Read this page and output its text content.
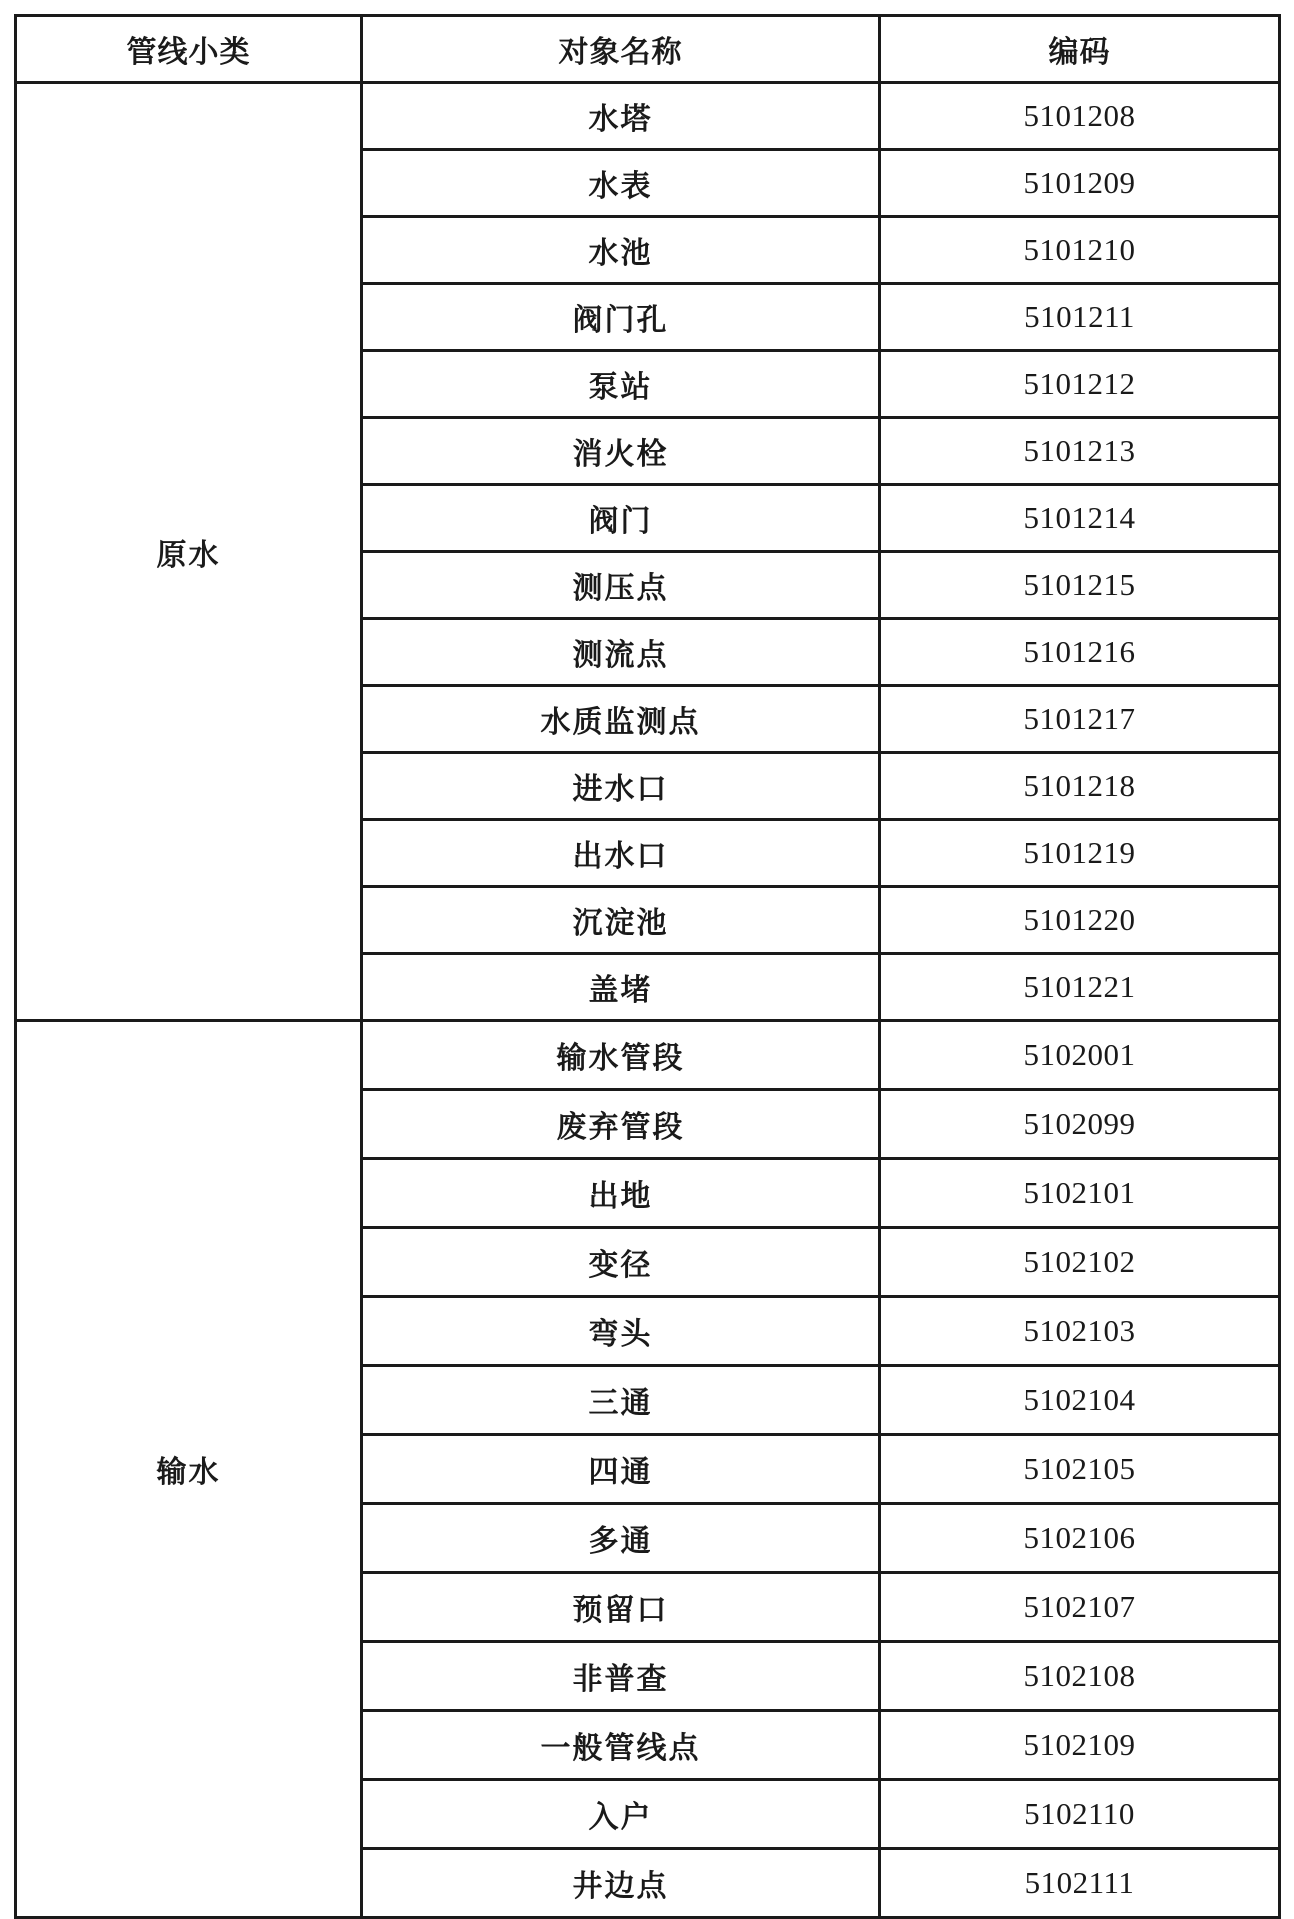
管线小类	对象名称	编码
原水	水塔	5101208
	水表	5101209
	水池	5101210
	阀门孔	5101211
	泵站	5101212
	消火栓	5101213
	阀门	5101214
	测压点	5101215
	测流点	5101216
	水质监测点	5101217
	进水口	5101218
	出水口	5101219
	沉淀池	5101220
	盖堵	5101221
输水	输水管段	5102001
	废弃管段	5102099
	出地	5102101
	变径	5102102
	弯头	5102103
	三通	5102104
	四通	5102105
	多通	5102106
	预留口	5102107
	非普查	5102108
	一般管线点	5102109
	入户	5102110
	井边点	5102111
